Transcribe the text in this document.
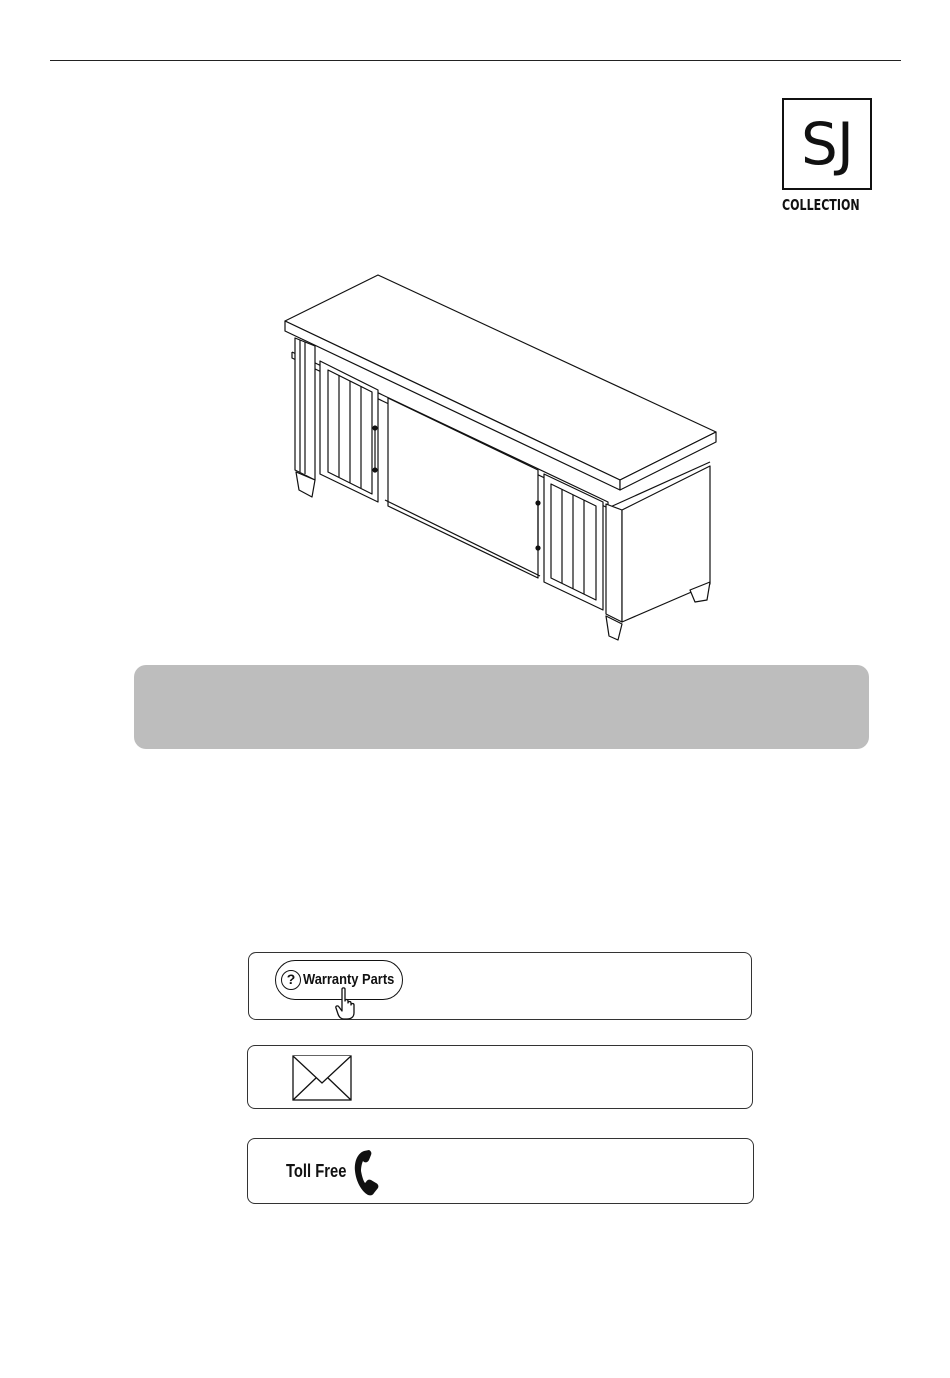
SJ
COLLECTION
? Warranty Parts
Toll Free
